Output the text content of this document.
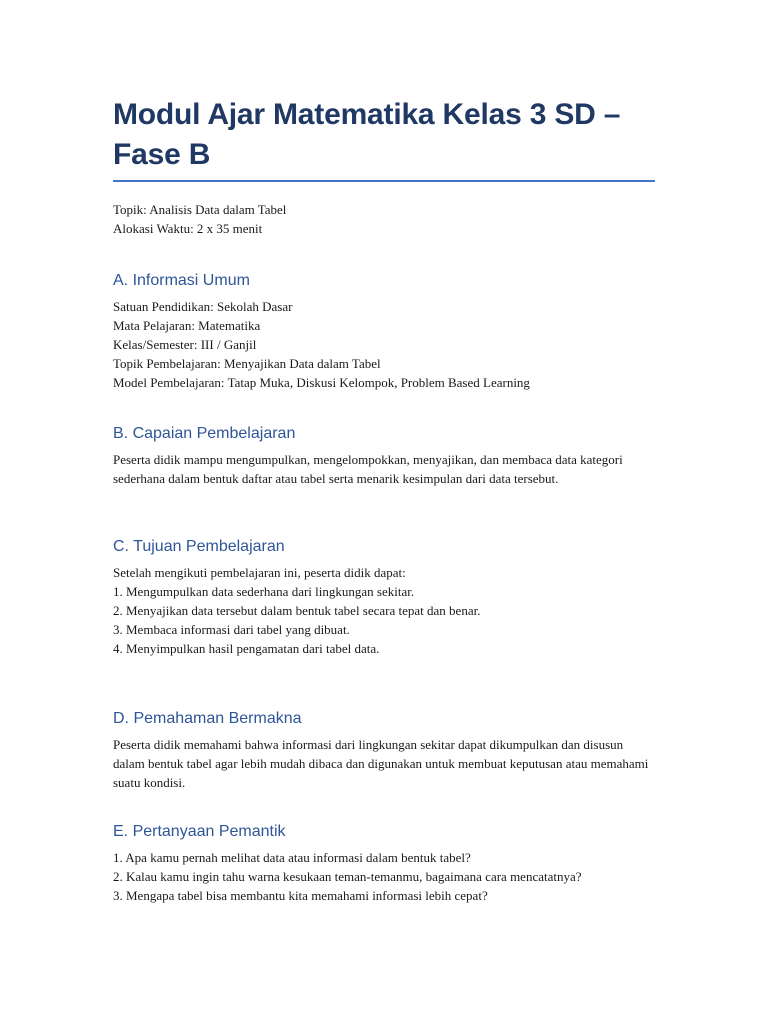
Modul Ajar Matematika Kelas 3 SD – Fase B
Topik: Analisis Data dalam Tabel
Alokasi Waktu: 2 x 35 menit
A. Informasi Umum
Satuan Pendidikan: Sekolah Dasar
Mata Pelajaran: Matematika
Kelas/Semester: III / Ganjil
Topik Pembelajaran: Menyajikan Data dalam Tabel
Model Pembelajaran: Tatap Muka, Diskusi Kelompok, Problem Based Learning
B. Capaian Pembelajaran

Peserta didik mampu mengumpulkan, mengelompokkan, menyajikan, dan membaca data kategori sederhana dalam bentuk daftar atau tabel serta menarik kesimpulan dari data tersebut.

C. Tujuan Pembelajaran
Setelah mengikuti pembelajaran ini, peserta didik dapat:
1. Mengumpulkan data sederhana dari lingkungan sekitar.
2. Menyajikan data tersebut dalam bentuk tabel secara tepat dan benar.
3. Membaca informasi dari tabel yang dibuat.
4. Menyimpulkan hasil pengamatan dari tabel data.
D. Pemahaman Bermakna

Peserta didik memahami bahwa informasi dari lingkungan sekitar dapat dikumpulkan dan disusun dalam bentuk tabel agar lebih mudah dibaca dan digunakan untuk membuat keputusan atau memahami suatu kondisi.

E. Pertanyaan Pemantik
1. Apa kamu pernah melihat data atau informasi dalam bentuk tabel?
2. Kalau kamu ingin tahu warna kesukaan teman-temanmu, bagaimana cara mencatatnya?
3. Mengapa tabel bisa membantu kita memahami informasi lebih cepat?
